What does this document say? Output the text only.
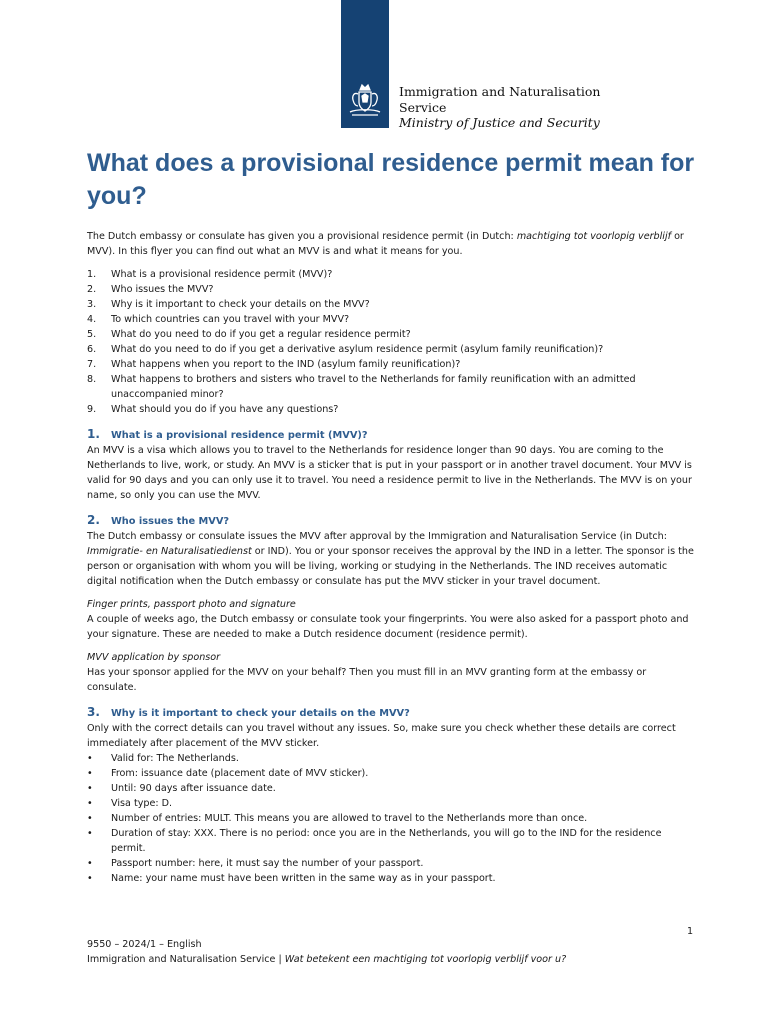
Immigration and Naturalisation
Service
Ministry of Justice and Security
What does a provisional residence permit mean for you?

The Dutch embassy or consulate has given you a provisional residence permit (in Dutch: machtiging tot voorlopig verblijf or MVV). In this flyer you can find out what an MVV is and what it means for you.

1.	What is a provisional residence permit (MVV)?
2.	Who issues the MVV?
3.	Why is it important to check your details on the MVV?
4.	To which countries can you travel with your MVV?
5.	What do you need to do if you get a regular residence permit?
6.	What do you need to do if you get a derivative asylum residence permit (asylum family reunification)?
7.	What happens when you report to the IND (asylum family reunification)?
8.	What happens to brothers and sisters who travel to the Netherlands for family reunification with an admitted unaccompanied minor?
9.	What should you do if you have any questions?
1.	What is a provisional residence permit (MVV)?

An MVV is a visa which allows you to travel to the Netherlands for residence longer than 90 days. You are coming to the Netherlands to live, work, or study. An MVV is a sticker that is put in your passport or in another travel document. Your MVV is valid for 90 days and you can only use it to travel. You need a residence permit to live in the Netherlands. The MVV is on your name, so only you can use the MVV.

2.	Who issues the MVV?

The Dutch embassy or consulate issues the MVV after approval by the Immigration and Naturalisation Service (in Dutch: Immigratie- en Naturalisatiedienst or IND). You or your sponsor receives the approval by the IND in a letter. The sponsor is the person or organisation with whom you will be living, working or studying in the Netherlands. The IND receives automatic digital notification when the Dutch embassy or consulate has put the MVV sticker in your travel document.

Finger prints, passport photo and signature

A couple of weeks ago, the Dutch embassy or consulate took your fingerprints. You were also asked for a passport photo and your signature. These are needed to make a Dutch residence document (residence permit).

MVV application by sponsor

Has your sponsor applied for the MVV on your behalf? Then you must fill in an MVV granting form at the embassy or consulate.

3.	Why is it important to check your details on the MVV?

Only with the correct details can you travel without any issues. So, make sure you check whether these details are correct immediately after placement of the MVV sticker.

•	Valid for: The Netherlands.
•	From: issuance date (placement date of MVV sticker).
•	Until: 90 days after issuance date.
•	Visa type: D.
•	Number of entries: MULT. This means you are allowed to travel to the Netherlands more than once.
•	Duration of stay: XXX. There is no period: once you are in the Netherlands, you will go to the IND for the residence permit.
•	Passport number: here, it must say the number of your passport.
•	Name: your name must have been written in the same way as in your passport.
1
9550 – 2024/1 – English
Immigration and Naturalisation Service | Wat betekent een machtiging tot voorlopig verblijf voor u?
